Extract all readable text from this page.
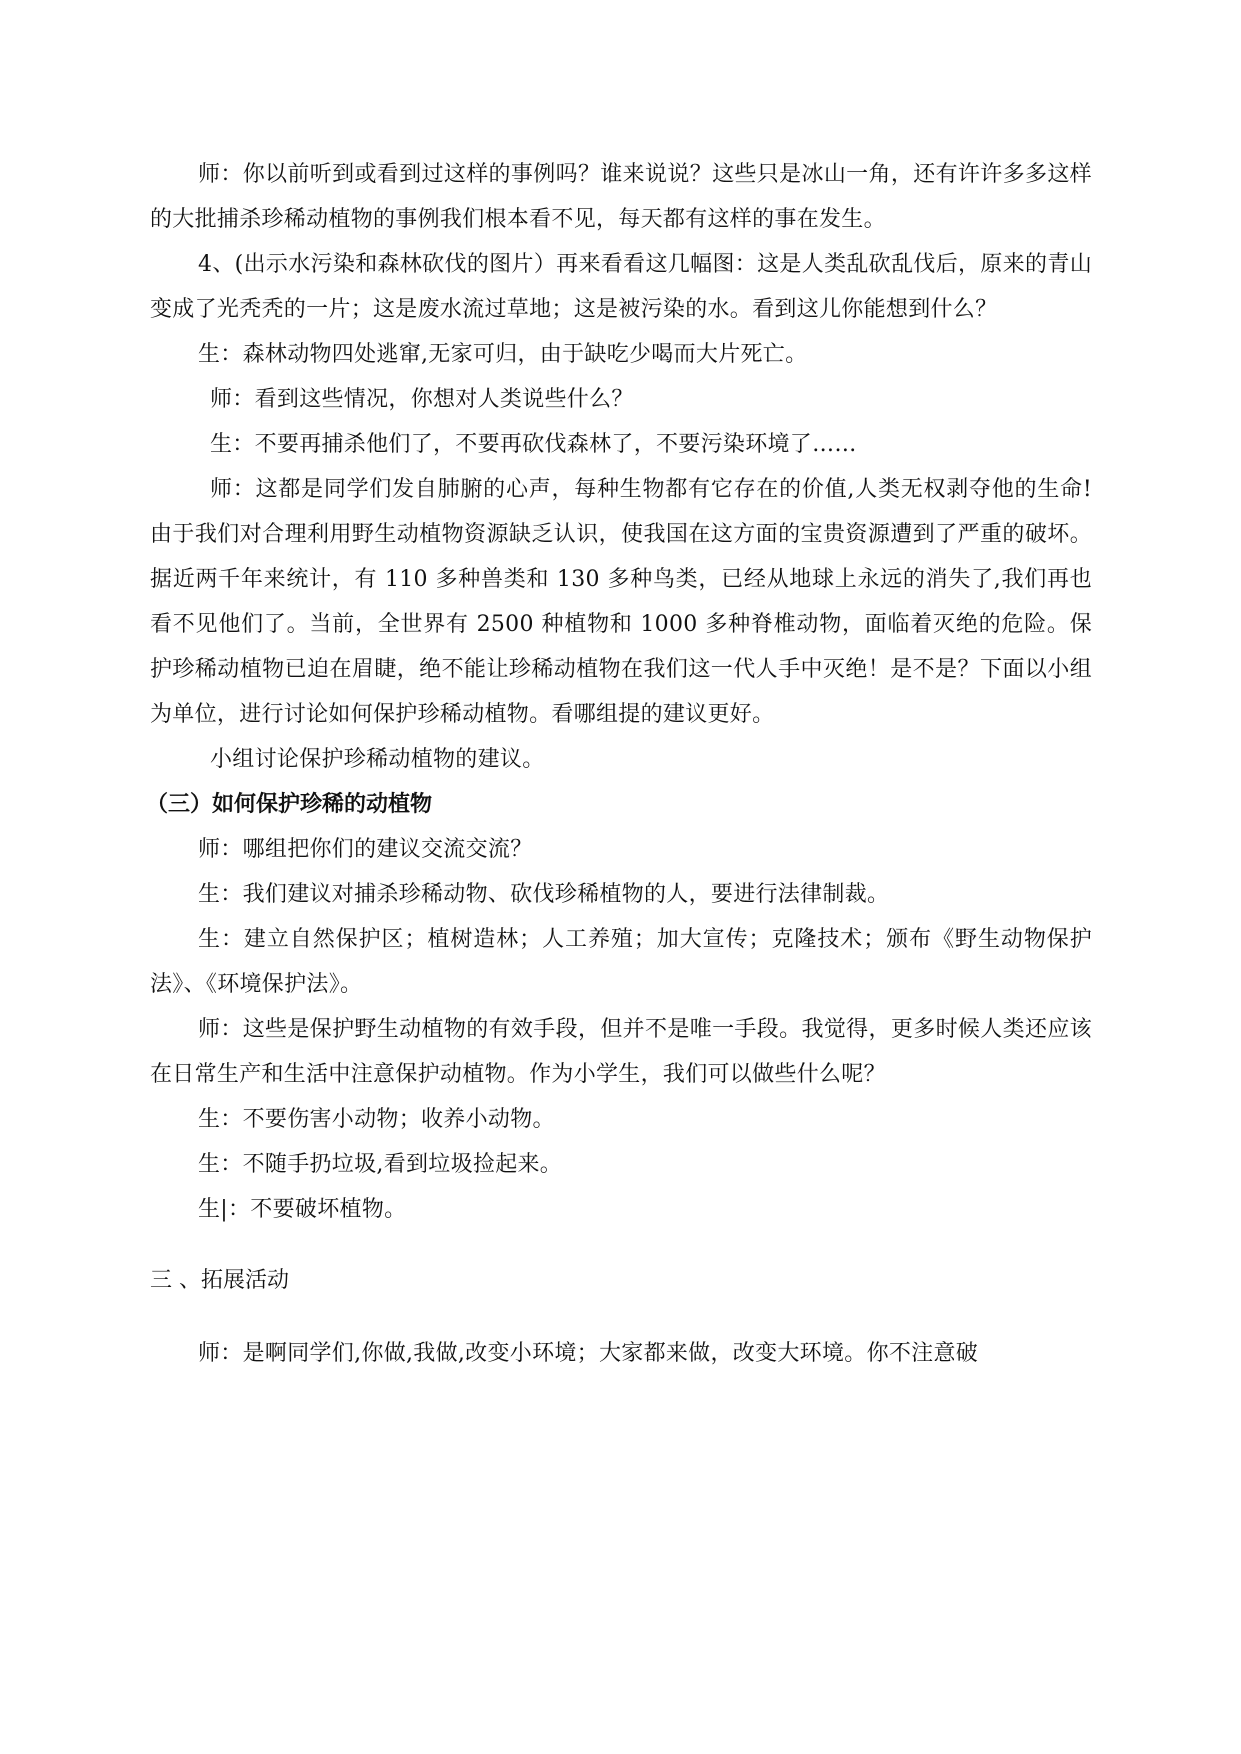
师：你以前听到或看到过这样的事例吗？谁来说说？这些只是冰山一角，还有许许多多这样的大批捕杀珍稀动植物的事例我们根本看不见，每天都有这样的事在发生。

4、(出示水污染和森林砍伐的图片）再来看看这几幅图：这是人类乱砍乱伐后，原来的青山变成了光秃秃的一片；这是废水流过草地；这是被污染的水。看到这儿你能想到什么？

生：森林动物四处逃窜,无家可归，由于缺吃少喝而大片死亡。

师：看到这些情况，你想对人类说些什么？

生：不要再捕杀他们了，不要再砍伐森林了，不要污染环境了……

师：这都是同学们发自肺腑的心声，每种生物都有它存在的价值,人类无权剥夺他的生命!由于我们对合理利用野生动植物资源缺乏认识，使我国在这方面的宝贵资源遭到了严重的破坏。据近两千年来统计，有 110 多种兽类和 130 多种鸟类，已经从地球上永远的消失了,我们再也看不见他们了。当前，全世界有 2500 种植物和 1000 多种脊椎动物，面临着灭绝的危险。保护珍稀动植物已迫在眉睫，绝不能让珍稀动植物在我们这一代人手中灭绝！是不是？下面以小组为单位，进行讨论如何保护珍稀动植物。看哪组提的建议更好。

小组讨论保护珍稀动植物的建议。

（三）如何保护珍稀的动植物

师：哪组把你们的建议交流交流？

生：我们建议对捕杀珍稀动物、砍伐珍稀植物的人，要进行法律制裁。

生：建立自然保护区；植树造林；人工养殖；加大宣传；克隆技术；颁布《野生动物保护法》、《环境保护法》。

师：这些是保护野生动植物的有效手段，但并不是唯一手段。我觉得，更多时候人类还应该在日常生产和生活中注意保护动植物。作为小学生，我们可以做些什么呢？

生：不要伤害小动物；收养小动物。

生：不随手扔垃圾,看到垃圾捡起来。

生|：不要破坏植物。

三 、拓展活动

师：是啊同学们,你做,我做,改变小环境；大家都来做，改变大环境。你不注意破
